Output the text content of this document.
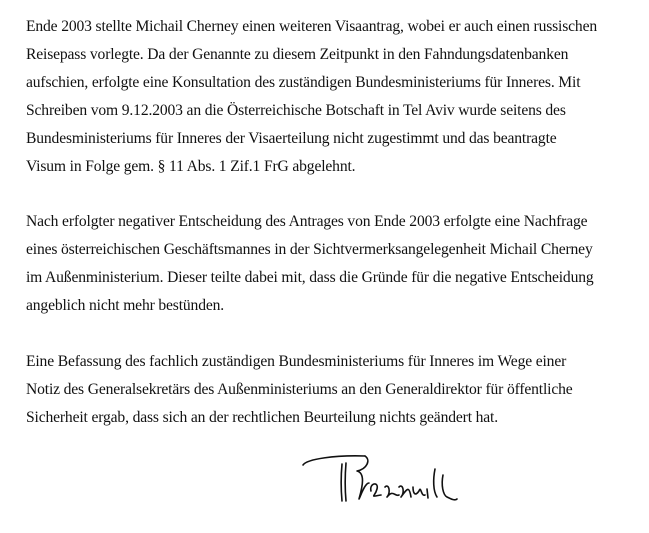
Ende 2003 stellte Michail Cherney einen weiteren Visaantrag, wobei er auch einen russischen
Reisepass vorlegte. Da der Genannte zu diesem Zeitpunkt in den Fahndungsdatenbanken
aufschien, erfolgte eine Konsultation des zuständigen Bundesministeriums für Inneres. Mit
Schreiben vom 9.12.2003 an die Österreichische Botschaft in Tel Aviv wurde seitens des
Bundesministeriums für Inneres der Visaerteilung nicht zugestimmt und das beantragte
Visum in Folge gem. § 11 Abs. 1 Zif.1 FrG abgelehnt.
Nach erfolgter negativer Entscheidung des Antrages von Ende 2003 erfolgte eine Nachfrage
eines österreichischen Geschäftsmannes in der Sichtvermerksangelegenheit Michail Cherney
im Außenministerium. Dieser teilte dabei mit, dass die Gründe für die negative Entscheidung
angeblich nicht mehr bestünden.
Eine Befassung des fachlich zuständigen Bundesministeriums für Inneres im Wege einer
Notiz des Generalsekretärs des Außenministeriums an den Generaldirektor für öffentliche
Sicherheit ergab, dass sich an der rechtlichen Beurteilung nichts geändert hat.
